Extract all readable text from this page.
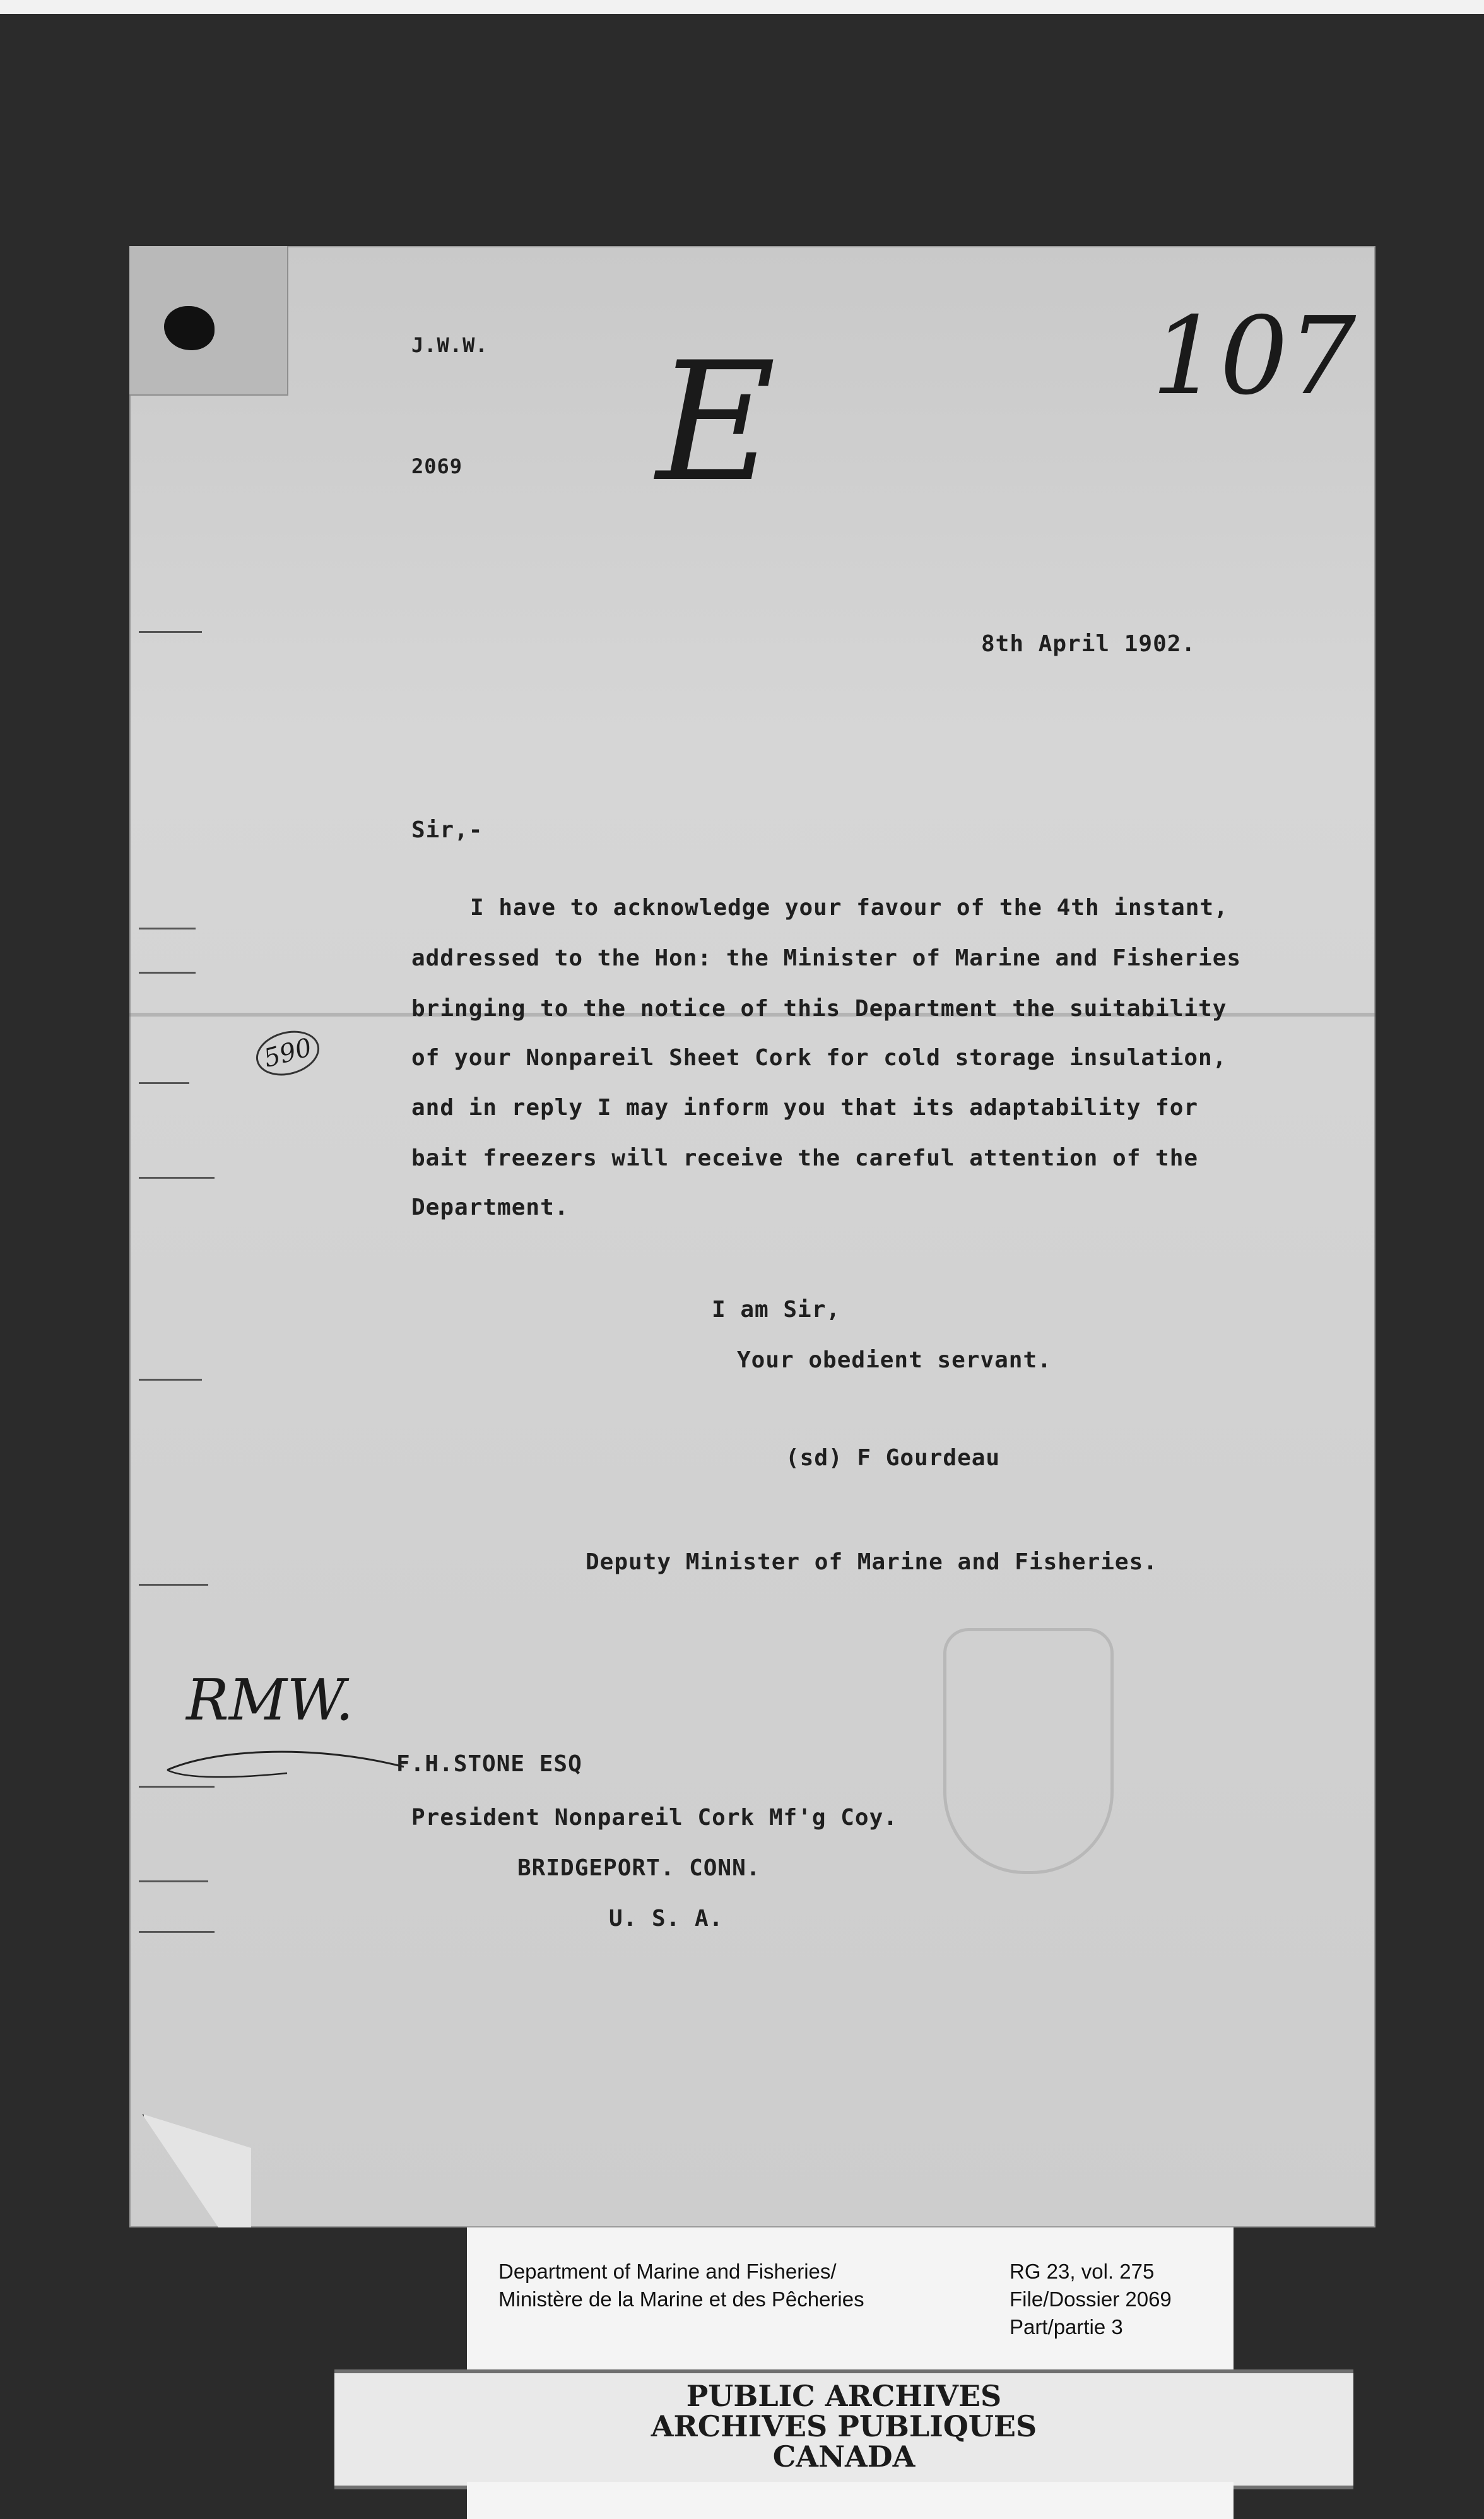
J.W.W.
2069
8th April 1902.
Sir,-
I have to acknowledge your favour of the 4th instant,
addressed to the Hon: the Minister of Marine and Fisheries
bringing to the notice of this Department the suitability
of your Nonpareil Sheet Cork for cold storage insulation,
and in reply I may inform you that its adaptability for
bait freezers will receive the careful attention of the
Department.
I am Sir,
Your obedient servant.
(sd) F Gourdeau
Deputy Minister of Marine and Fisheries.
F.H.STONE ESQ
President Nonpareil Cork Mf'g Coy.
BRIDGEPORT. CONN.
U. S. A.
E	107
590
RMW.
Department of Marine and Fisheries/
Ministère de la Marine et des Pêcheries
RG 23, vol. 275
File/Dossier 2069
Part/partie 3
PUBLIC ARCHIVES
ARCHIVES PUBLIQUES
CANADA
